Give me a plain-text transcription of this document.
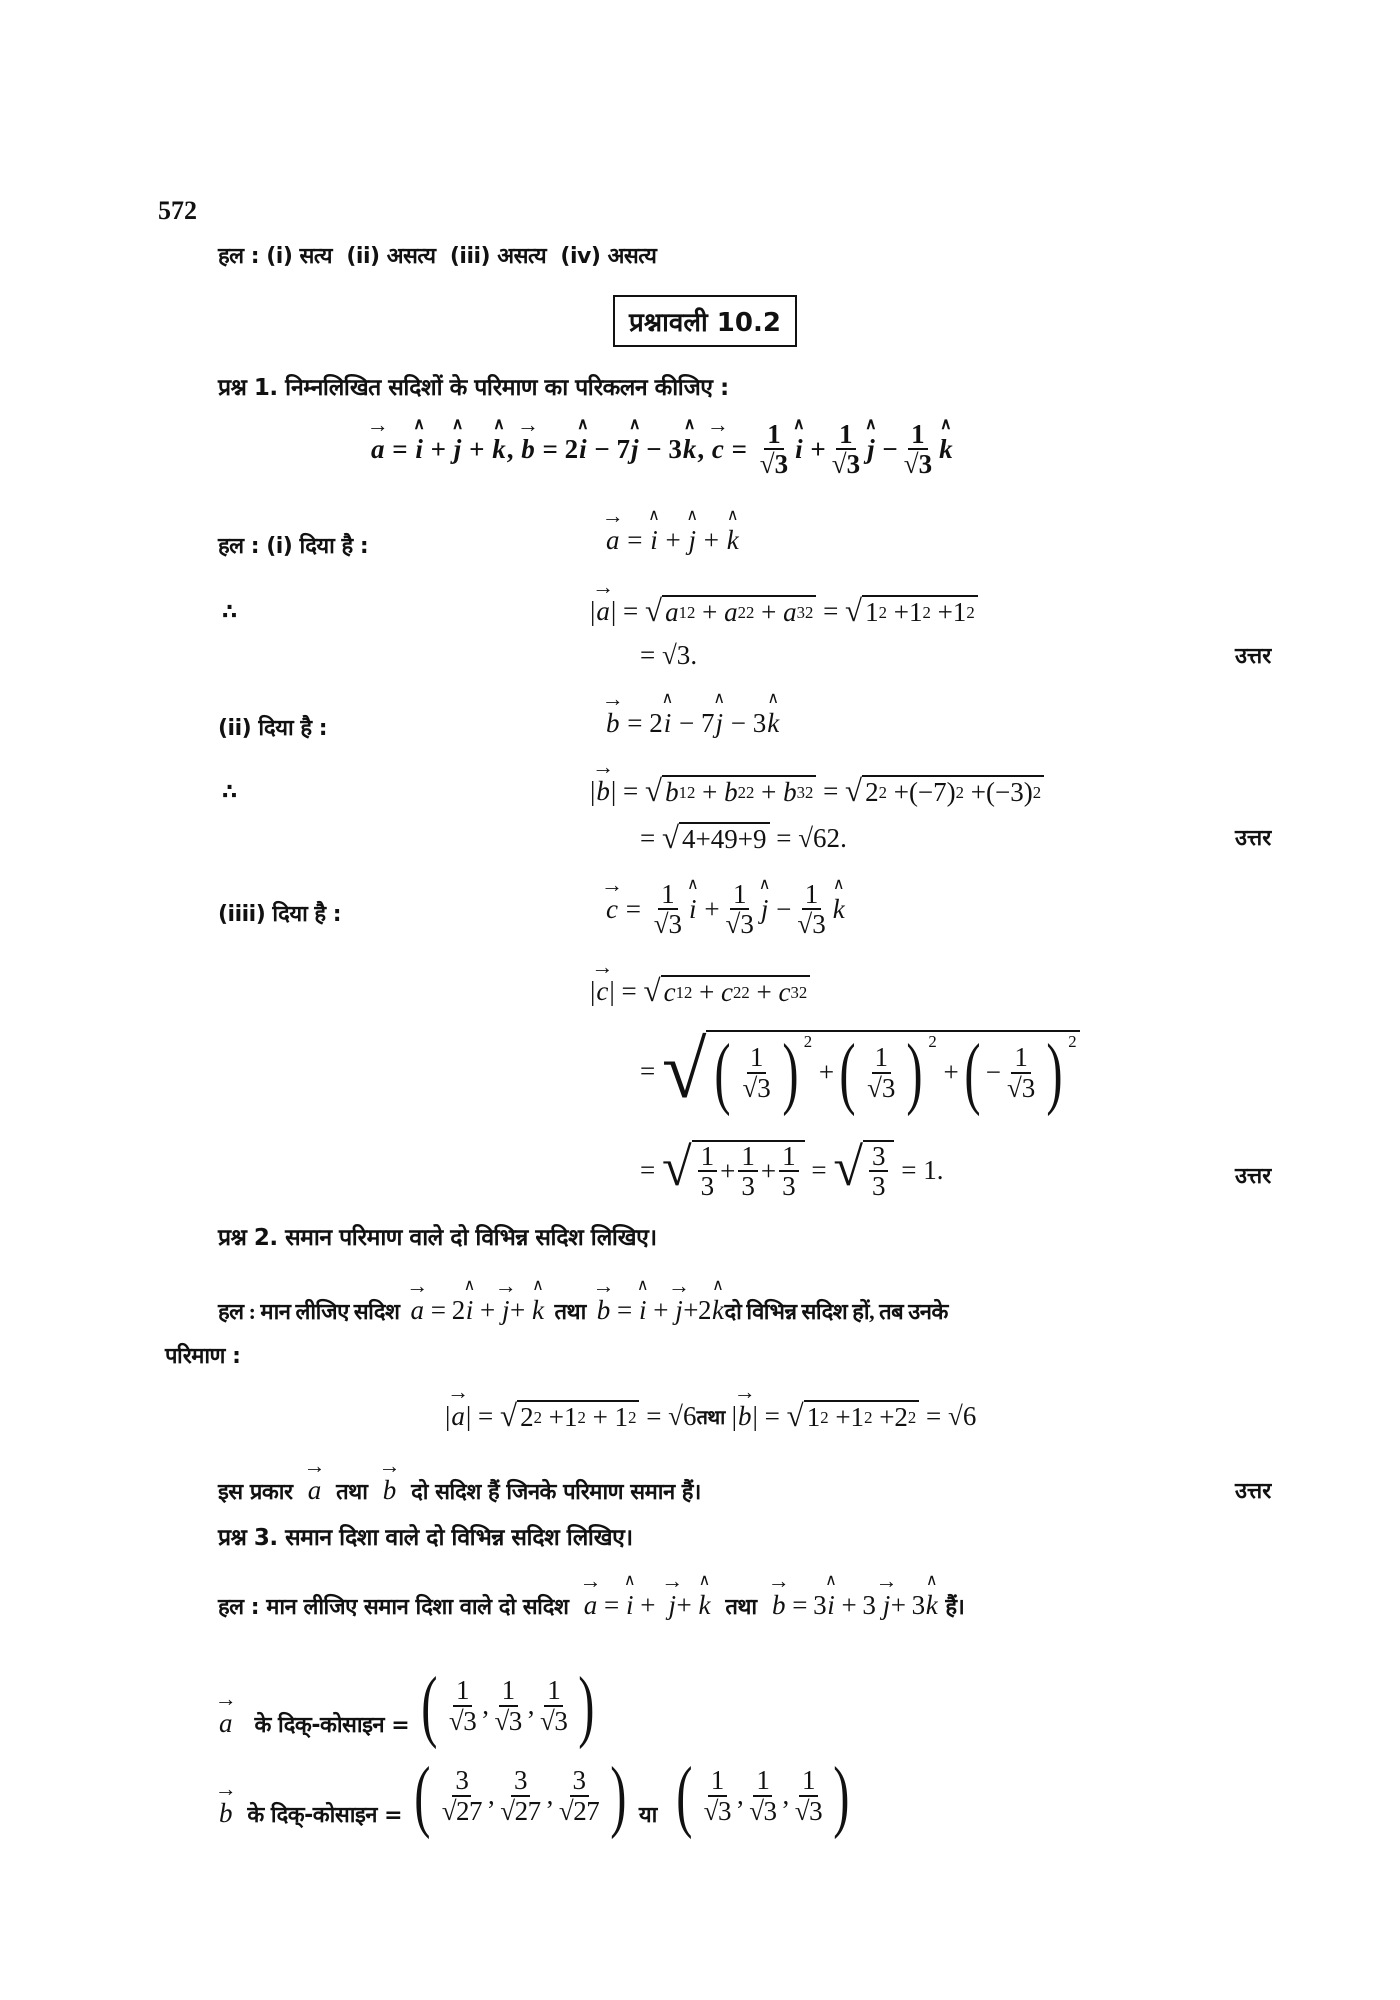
572
हल : (i) सत्य (ii) असत्य (iii) असत्य (iv) असत्य
प्रश्नावली 10.2
प्रश्न 1. निम्नलिखित सदिशों के परिमाण का परिकलन कीजिए :
→ a = ∧ i + ∧ j + ∧ k , → b = 2 ∧ i − 7 ∧ j − 3 ∧ k , → $c = \frac{1}{√3}$ ∧ $i + \frac{1}{√3}$ ∧ $j - \frac{1}{√3}$ ∧ k
हल : (i) दिया है :	→ a = ∧ i + ∧ j + ∧ k
∴	| → a | = √ a 1 2 + a 2 2 + a 3 2 = √ 1 2 +1 2 +1 2
= √3 .	उत्तर
(ii) दिया है :	→ b = 2 ∧ i − 7 ∧ j − 3 ∧ k
∴	| → b | = √ b 1 2 + b 2 2 + b 3 2 = √ 2 2 +(−7) 2 +(−3) 2
= √ 4+49+9 = √62 .	उत्तर
(iiii) दिया है :	→ $c = \frac{1}{√3}$ ∧ $i + \frac{1}{√3}$ ∧ $j - \frac{1}{√3}$ ∧ k
| → c | = √ c 1 2 + c 2 2 + c 3 2
= √ ( $\frac{1}{√3}$ ) $^2$
+ ( $\frac{1}{√3}$ ) $^2$
+ ( − $\frac{1}{√3}$ ) $^2$
= √ $\frac{1}{3} + \frac{1}{3} + \frac{1}{3}$ = √ $\frac{3}{3} = 1$ .	उत्तर
प्रश्न 2. समान परिमाण वाले दो विभिन्न सदिश लिखिए।
हल : मान लीजिए सदिश
→ a = 2 ∧ i + → j + ∧ k
तथा
→ b = ∧ i + → j +2 ∧ k दो विभिन्न सदिश हों, तब उनके
परिमाण :
| → a | = √ 2 2 +1 2 + 1 2 = √6 तथा | → b | = √ 1 2 +1 2 +2 2 = √6
इस प्रकार → a तथा → b दो सदिश हैं जिनके परिमाण समान हैं।	उत्तर
प्रश्न 3. समान दिशा वाले दो विभिन्न सदिश लिखिए।
हल : मान लीजिए समान दिशा वाले दो सदिश → a = ∧ i + → j + ∧ k तथा → b = 3 ∧ i + 3 → j + 3 ∧ k हैं।
→ a के दिक्-कोसाइन = ( $\frac{1}{√3}$ , $\frac{1}{√3}$ , $\frac{1}{√3}$ )
→ b के दिक्-कोसाइन = ( $\frac{3}{√27}$ , $\frac{3}{√27}$ , $\frac{3}{√27}$ ) या ( $\frac{1}{√3}$ , $\frac{1}{√3}$ , $\frac{1}{√3}$ )
